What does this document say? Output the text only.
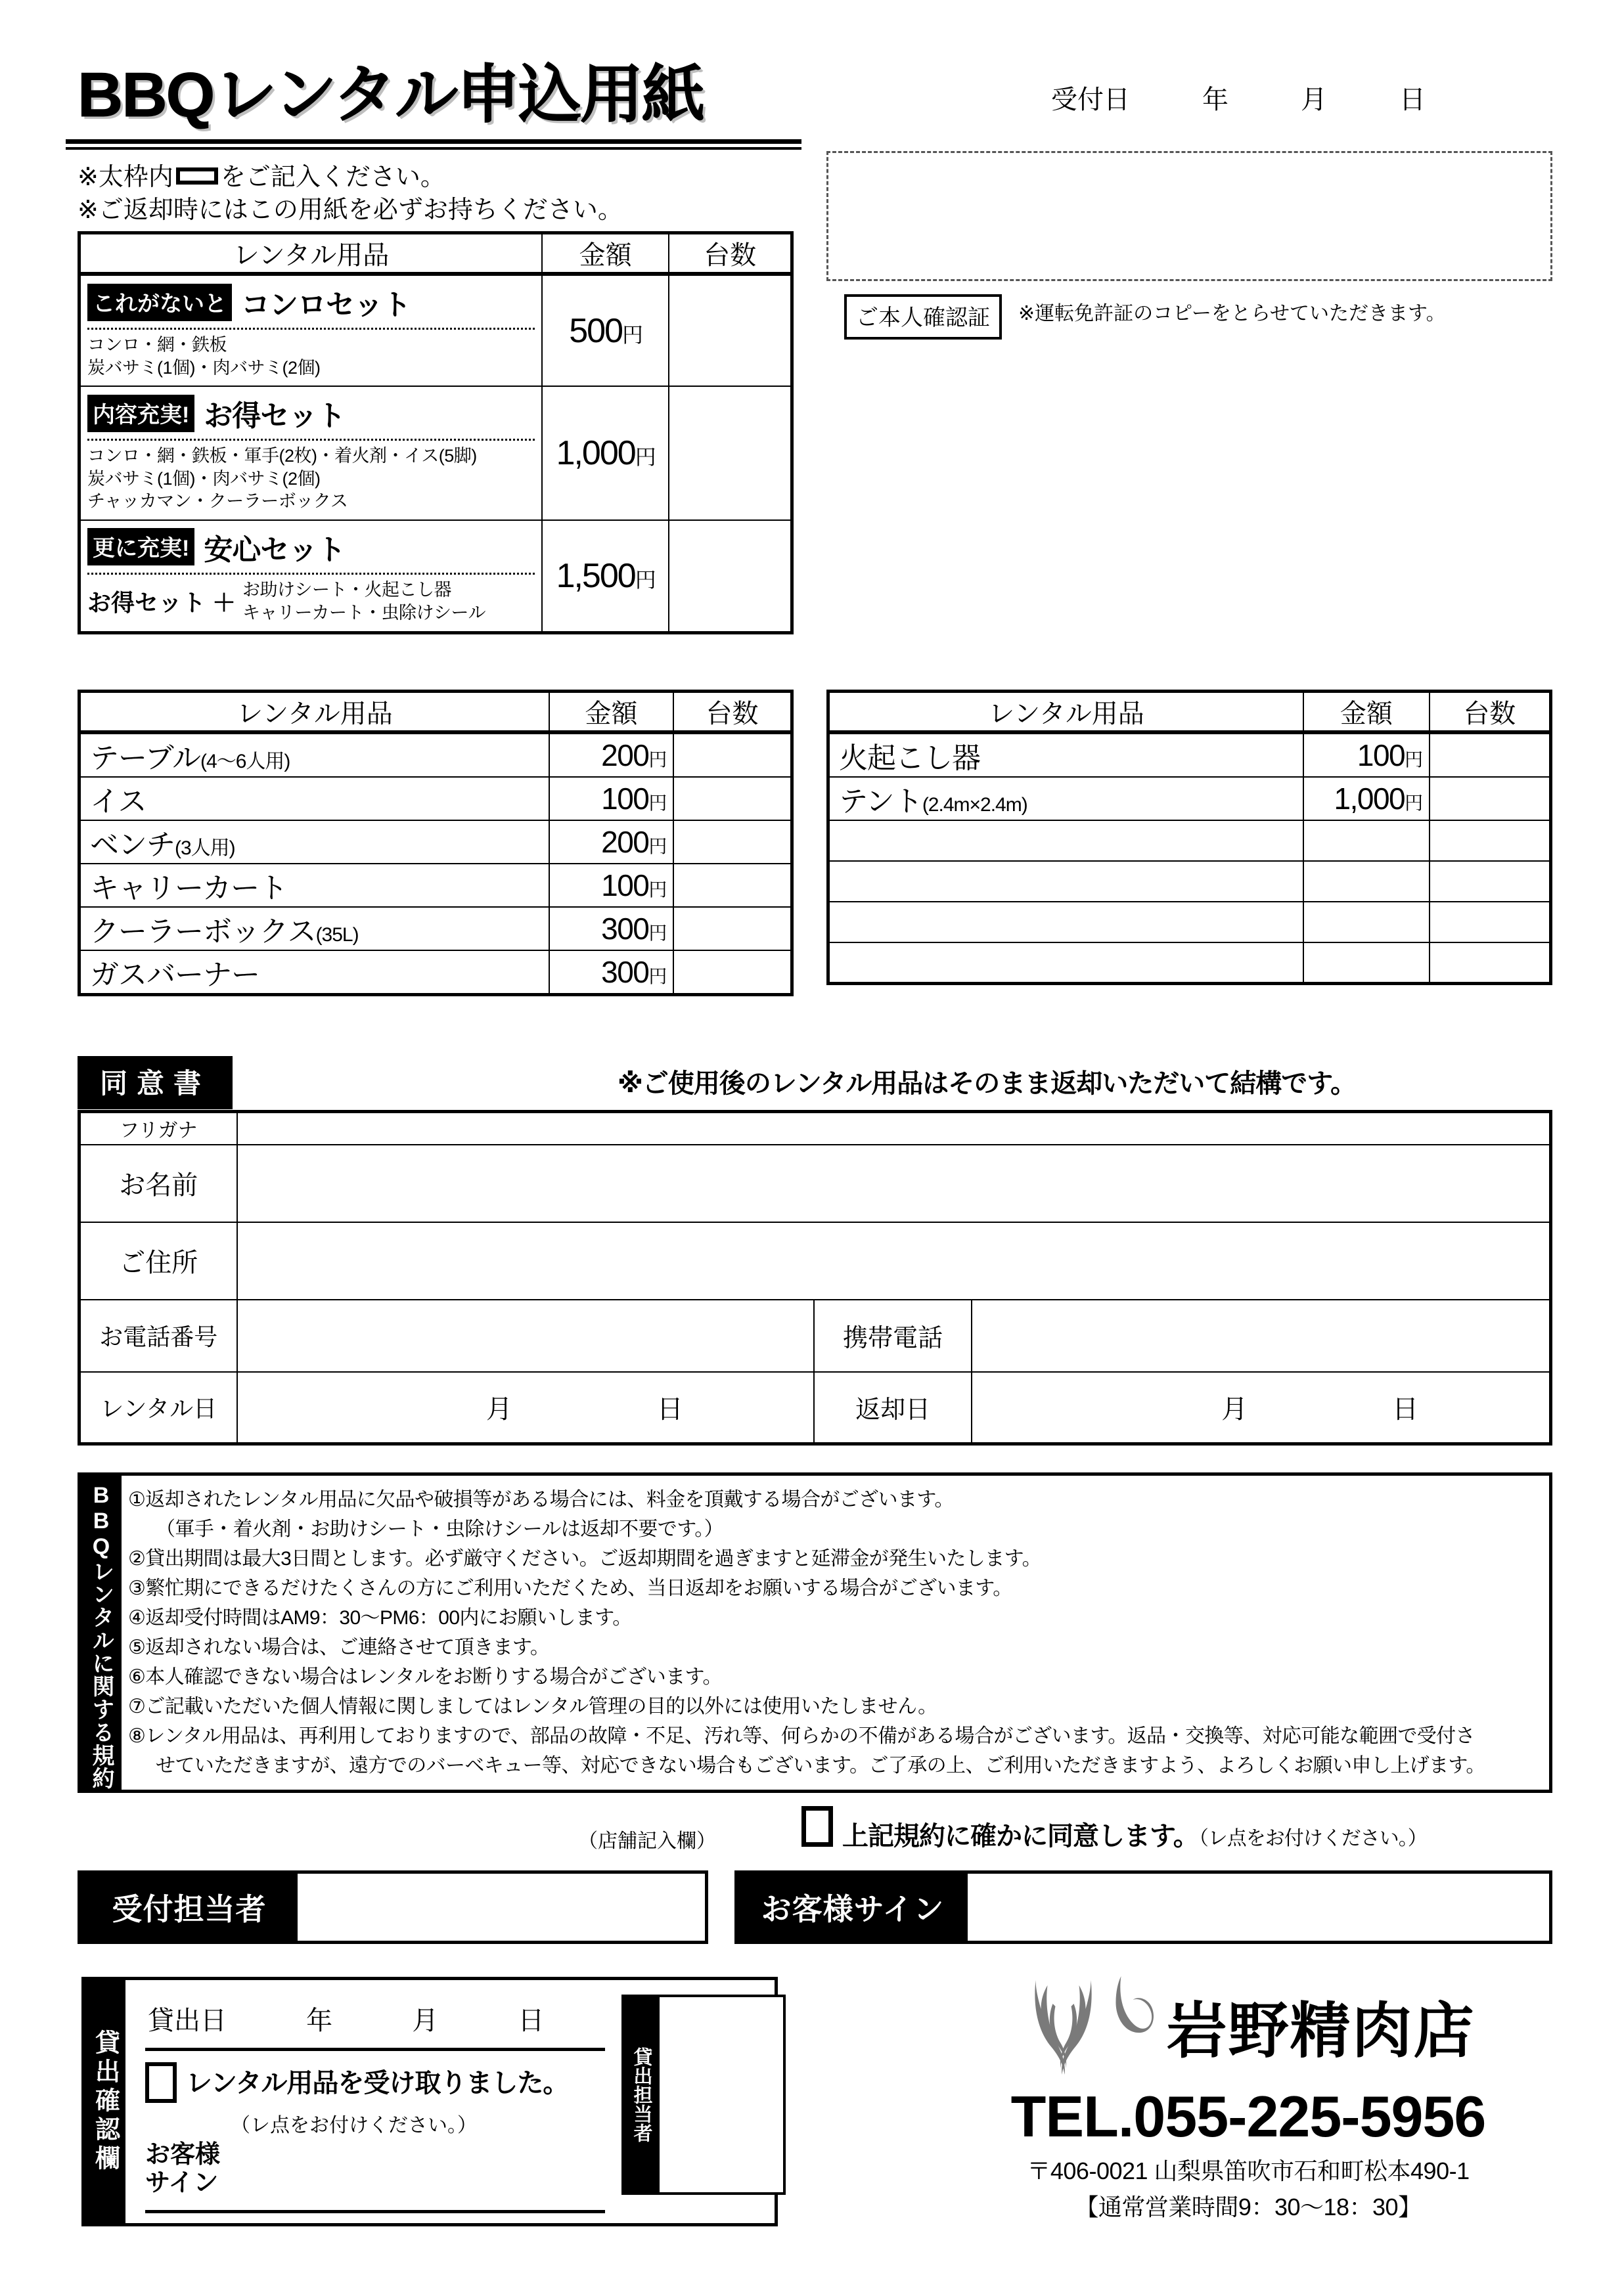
BBQレンタル申込用紙
※太枠内 をご記入ください。
※ご返却時にはこの用紙を必ずお持ちください。
受付日	年	月	日
レンタル用品	金額	台数
これがないと コンロセット
コンロ・網・鉄板
炭バサミ(1個)・肉バサミ(2個)	500円	
内容充実! お得セット
コンロ・網・鉄板・軍手(2枚)・着火剤・イス(5脚)
炭バサミ(1個)・肉バサミ(2個)
チャッカマン・クーラーボックス	1,000円	
更に充実! 安心セット
お得セット ＋ お助けシート・火起こし器
キャリーカート・虫除けシール	1,500円	
ご本人確認証	※運転免許証のコピーをとらせていただきます。
レンタル用品	金額	台数
テーブル(4～6人用)	200円	
イス	100円	
ベンチ(3人用)	200円	
キャリーカート	100円	
クーラーボックス(35L)	300円	
ガスバーナー	300円	
レンタル用品	金額	台数
火起こし器	100円	
テント(2.4m×2.4m)	1,000円	

同意書	※ご使用後のレンタル用品はそのまま返却いただいて結構です。
フリガナ			
お名前			
ご住所			
お電話番号		携帯電話	
レンタル日	月 日	返却日	月 日
BBQレンタルに関する規約 ①返却されたレンタル用品に欠品や破損等がある場合には、料金を頂戴する場合がございます。
（軍手・着火剤・お助けシート・虫除けシールは返却不要です。）
②貸出期間は最大3日間とします。必ず厳守ください。ご返却期間を過ぎますと延滞金が発生いたします。
③繁忙期にできるだけたくさんの方にご利用いただくため、当日返却をお願いする場合がございます。
④返却受付時間はAM9：30～PM6：00内にお願いします。
⑤返却されない場合は、ご連絡させて頂きます。
⑥本人確認できない場合はレンタルをお断りする場合がございます。
⑦ご記載いただいた個人情報に関しましてはレンタル管理の目的以外には使用いたしません。
⑧レンタル用品は、再利用しておりますので、部品の故障・不足、汚れ等、何らかの不備がある場合がございます。返品・交換等、対応可能な範囲で受付さ
せていただきますが、遠方でのバーベキュー等、対応できない場合もございます。ご了承の上、ご利用いただきますよう、よろしくお願い申し上げます。
（店舗記入欄）	上記規約に確かに同意します。（レ点をお付けください。）
受付担当者	お客様サイン
貸出確認欄
貸出日	年	月	日
レンタル用品を受け取りました。
（レ点をお付けください。）
お客様
サイン
貸出担当者
岩野精肉店
TEL.055-225-5956
〒406-0021 山梨県笛吹市石和町松本490-1
【通常営業時間9：30～18：30】
